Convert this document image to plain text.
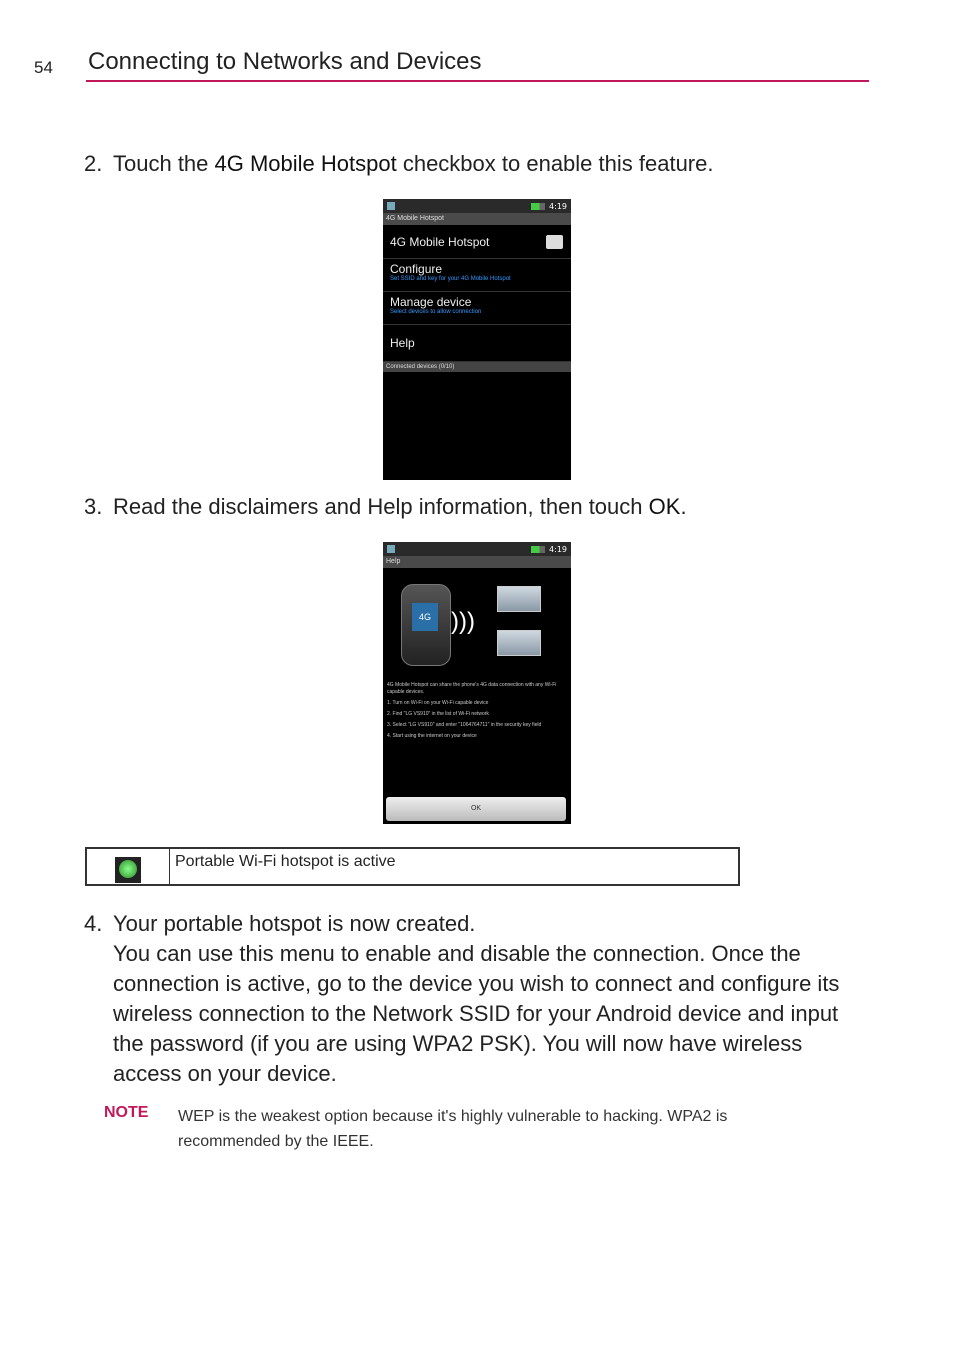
54 Connecting to Networks and Devices
2. Touch the 4G Mobile Hotspot checkbox to enable this feature.
4:19
4G Mobile Hotspot
4G Mobile Hotspot
Configure
Set SSID and key for your 4G Mobile Hotspot
Manage device
Select devices to allow connection
Help
Connected devices (0/10)
3. Read the disclaimers and Help information, then touch OK.
4:19
Help
4G )))
4G Mobile Hotspot can share the phone's 4G data connection with any Wi-Fi capable devices.
1. Turn on Wi-Fi on your Wi-Fi capable device
2. Find "LG VS910" in the list of Wi-Fi network
3. Select "LG VS910" and enter "1064764711" in the security key field
4. Start using the internet on your device
OK
Portable Wi-Fi hotspot is active
4. Your portable hotspot is now created.
You can use this menu to enable and disable the connection. Once the connection is active, go to the device you wish to connect and configure its wireless connection to the Network SSID for your Android device and input the password (if you are using WPA2 PSK). You will now have wireless access on your device.
NOTE WEP is the weakest option because it's highly vulnerable to hacking. WPA2 is recommended by the IEEE.
